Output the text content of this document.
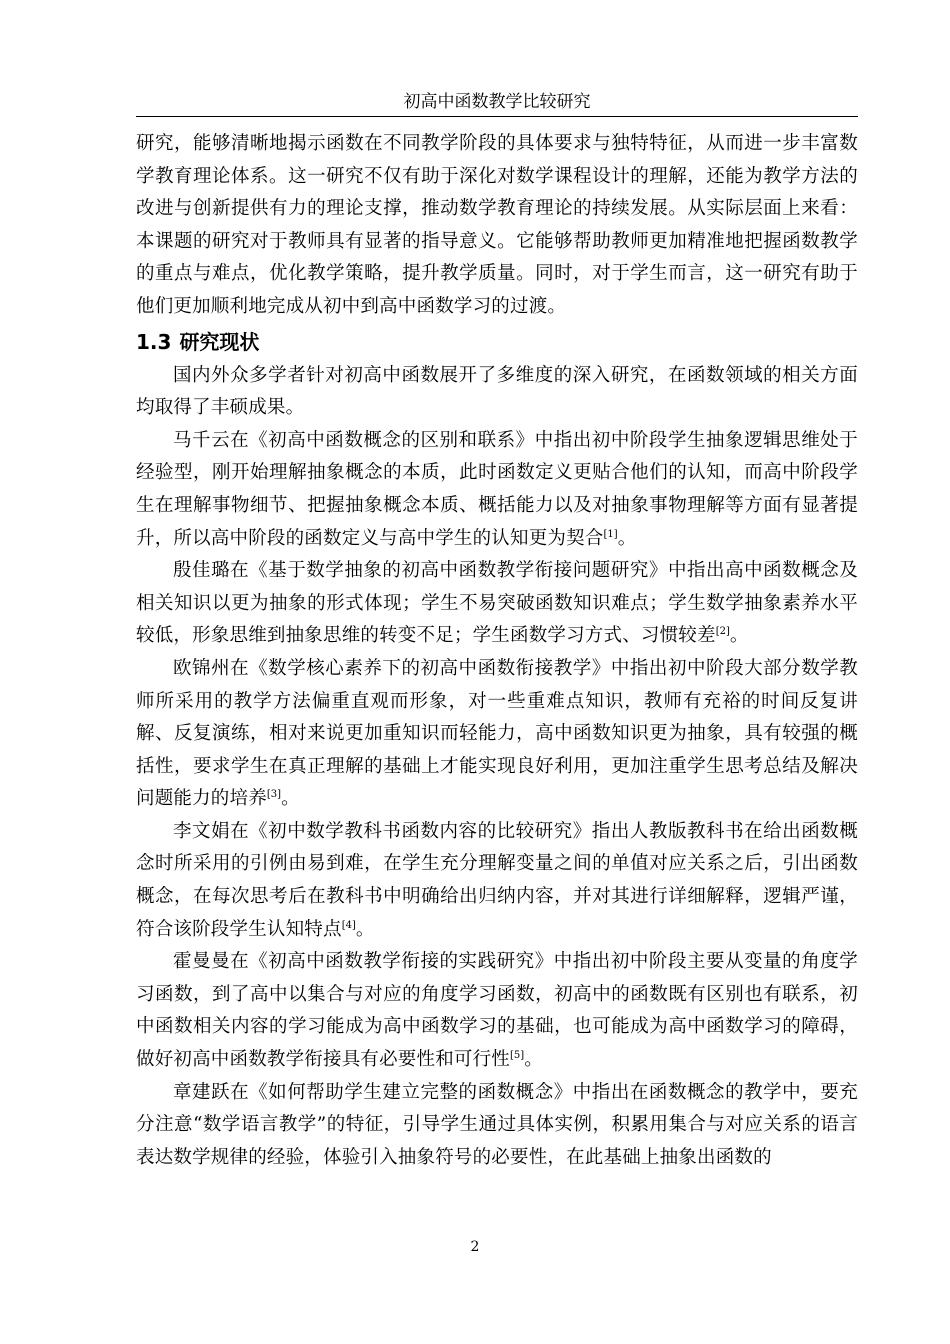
初高中函数教学比较研究

研究，能够清晰地揭示函数在不同教学阶段的具体要求与独特特征，从而进一步丰富数学教育理论体系。这一研究不仅有助于深化对数学课程设计的理解，还能为教学方法的改进与创新提供有力的理论支撑，推动数学教育理论的持续发展。从实际层面上来看：本课题的研究对于教师具有显著的指导意义。它能够帮助教师更加精准地把握函数教学的重点与难点，优化教学策略，提升教学质量。同时，对于学生而言，这一研究有助于他们更加顺利地完成从初中到高中函数学习的过渡。

1.3 研究现状

国内外众多学者针对初高中函数展开了多维度的深入研究，在函数领域的相关方面均取得了丰硕成果。

马千云在《初高中函数概念的区别和联系》中指出初中阶段学生抽象逻辑思维处于经验型，刚开始理解抽象概念的本质，此时函数定义更贴合他们的认知，而高中阶段学生在理解事物细节、把握抽象概念本质、概括能力以及对抽象事物理解等方面有显著提升，所以高中阶段的函数定义与高中学生的认知更为契合[1]。

殷佳璐在《基于数学抽象的初高中函数教学衔接问题研究》中指出高中函数概念及相关知识以更为抽象的形式体现；学生不易突破函数知识难点；学生数学抽象素养水平较低，形象思维到抽象思维的转变不足；学生函数学习方式、习惯较差[2]。

欧锦州在《数学核心素养下的初高中函数衔接教学》中指出初中阶段大部分数学教师所采用的教学方法偏重直观而形象，对一些重难点知识，教师有充裕的时间反复讲解、反复演练，相对来说更加重知识而轻能力，高中函数知识更为抽象，具有较强的概括性，要求学生在真正理解的基础上才能实现良好利用，更加注重学生思考总结及解决问题能力的培养[3]。

李文娟在《初中数学教科书函数内容的比较研究》指出人教版教科书在给出函数概念时所采用的引例由易到难，在学生充分理解变量之间的单值对应关系之后，引出函数概念，在每次思考后在教科书中明确给出归纳内容，并对其进行详细解释，逻辑严谨，符合该阶段学生认知特点[4]。

霍曼曼在《初高中函数教学衔接的实践研究》中指出初中阶段主要从变量的角度学习函数，到了高中以集合与对应的角度学习函数，初高中的函数既有区别也有联系，初中函数相关内容的学习能成为高中函数学习的基础，也可能成为高中函数学习的障碍，做好初高中函数教学衔接具有必要性和可行性[5]。

章建跃在《如何帮助学生建立完整的函数概念》中指出在函数概念的教学中，要充分注意“数学语言教学”的特征，引导学生通过具体实例，积累用集合与对应关系的语言表达数学规律的经验，体验引入抽象符号的必要性，在此基础上抽象出函数的

2
